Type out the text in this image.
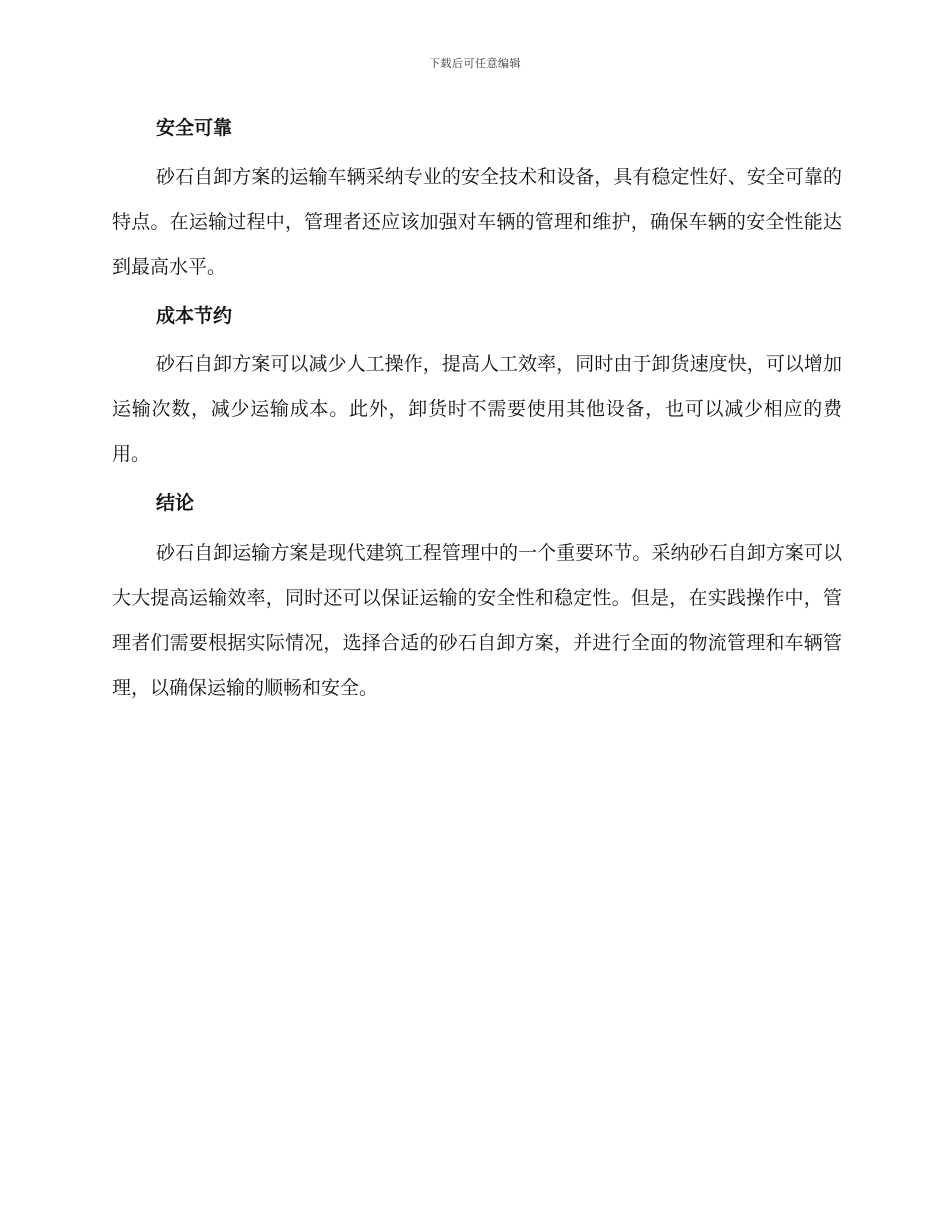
下载后可任意编辑
安全可靠

砂石自卸方案的运输车辆采纳专业的安全技术和设备，具有稳定性好、安全可靠的特点。在运输过程中，管理者还应该加强对车辆的管理和维护，确保车辆的安全性能达到最高水平。

成本节约

砂石自卸方案可以减少人工操作，提高人工效率，同时由于卸货速度快，可以增加运输次数，减少运输成本。此外，卸货时不需要使用其他设备，也可以减少相应的费用。

结论

砂石自卸运输方案是现代建筑工程管理中的一个重要环节。采纳砂石自卸方案可以大大提高运输效率，同时还可以保证运输的安全性和稳定性。但是，在实践操作中，管理者们需要根据实际情况，选择合适的砂石自卸方案，并进行全面的物流管理和车辆管理，以确保运输的顺畅和安全。
